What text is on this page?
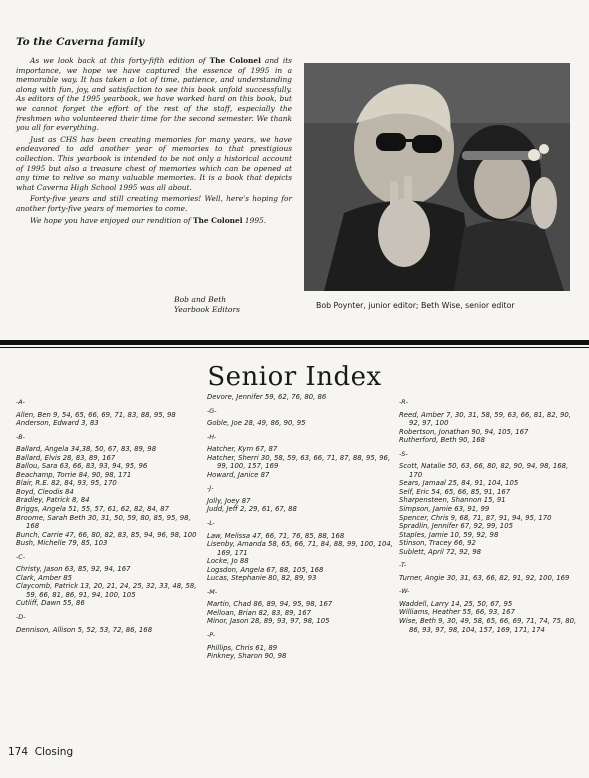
To the Caverna family

As we look back at this forty-fifth edition of The Colonel and its importance, we hope we have captured the essence of 1995 in a memorable way. It has taken a lot of time, patience, and understanding along with fun, joy, and satisfaction to see this book unfold successfully. As editors of the 1995 yearbook, we have worked hard on this book, but we cannot forget the effort of the rest of the staff, especially the freshmen who volunteered their time for the second semester. We thank you all for everything.

Just as CHS has been creating memories for many years, we have endeavored to add another year of memories to that prestigious collection. This yearbook is intended to be not only a historical account of 1995 but also a treasure chest of memories which can be opened at any time to relive so many valuable memories. It is a book that depicts what Caverna High School 1995 was all about.

Forty-five years and still creating memories! Well, here's hoping for another forty-five years of memories to come.

We hope you have enjoyed our rendition of The Colonel 1995.

Bob and Beth
Yearbook Editors	Bob Poynter, junior editor; Beth Wise, senior editor
Senior Index
-A-
Allen, Ben 9, 54, 65, 66, 69, 71, 83, 88, 95, 98
Anderson, Edward 3, 83
-B-
Ballard, Angela 34,38, 50, 67, 83, 89, 98
Ballard, Elvis 28, 83, 89, 167
Ballou, Sara 63, 66, 83, 93, 94, 95, 96
Beachamp, Torrie 84, 90, 98, 171
Blair, R.E. 82, 84, 93, 95, 170
Boyd, Cleodis 84
Bradley, Patrick 8, 84
Briggs, Angela 51, 55, 57, 61, 62, 82, 84, 87
Broome, Sarah Beth 30, 31, 50, 59, 80, 85, 95, 98, 168
Bunch, Carrie 47, 66, 80, 82, 83, 85, 94, 96, 98, 100
Bush, Michelle 79, 85, 103
-C-
Christy, Jason 63, 85, 92, 94, 167
Clark, Amber 85
Claycomb, Patrick 13, 20, 21, 24, 25, 32, 33, 48, 58, 59, 66, 81, 86, 91, 94, 100, 105
Cutliff, Dawn 55, 86
-D-
Dennison, Allison 5, 52, 53, 72, 86, 168
Devore, Jennifer 59, 62, 76, 80, 86
-G-
Goble, Joe 28, 49, 86, 90, 95
-H-
Hatcher, Kym 67, 87
Hatcher, Sherri 30, 58, 59, 63, 66, 71, 87, 88, 95, 96, 99, 100, 157, 169
Howard, Janice 87
-J-
Jolly, Joey 87
Judd, Jeff 2, 29, 61, 67, 88
-L-
Law, Melissa 47, 66, 71, 76, 85, 88, 168
Lisenby, Amanda 58, 65, 66, 71, 84, 88, 99, 100, 104, 169, 171
Locke, Jo 88
Logsdon, Angela 67, 88, 105, 168
Lucas, Stephanie 80, 82, 89, 93
-M-
Martin, Chad 86, 89, 94, 95, 98, 167
Melloan, Brian 82, 83, 89, 167
Minor, Jason 28, 89, 93, 97, 98, 105
-P-
Phillips, Chris 61, 89
Pinkney, Sharon 90, 98
-R-
Reed, Amber 7, 30, 31, 58, 59, 63, 66, 81, 82, 90, 92, 97, 100
Robertson, Jonathan 90, 94, 105, 167
Rutherford, Beth 90, 168
-S-
Scott, Natalie 50, 63, 66, 80, 82, 90, 94, 98, 168, 170
Sears, Jamaal 25, 84, 91, 104, 105
Self, Eric 54, 65, 66, 85, 91, 167
Sharpensteen, Shannon 15, 91
Simpson, Jamie 63, 91, 99
Spencer, Chris 9, 68, 71, 87, 91, 94, 95, 170
Spradlin, Jennifer 67, 92, 99, 105
Staples, Jamie 10, 59, 92, 98
Stinson, Tracey 66, 92
Sublett, April 72, 92, 98
-T-
Turner, Angie 30, 31, 63, 66, 82, 91, 92, 100, 169
-W-
Waddell, Larry 14, 25, 50, 67, 95
Williams, Heather 55, 66, 93, 167
Wise, Beth 9, 30, 49, 58, 65, 66, 69, 71, 74, 75, 80, 86, 93, 97, 98, 104, 157, 169, 171, 174
174 Closing
